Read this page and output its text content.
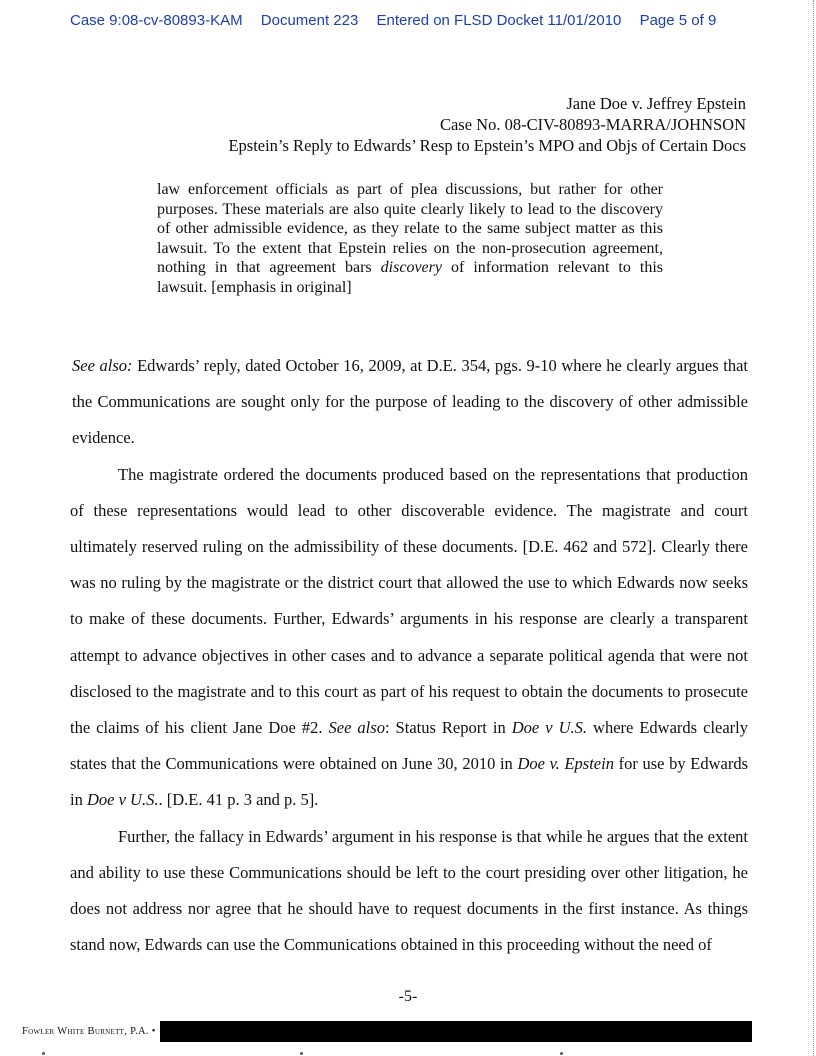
Case 9:08-cv-80893-KAM Document 223 Entered on FLSD Docket 11/01/2010 Page 5 of 9
Jane Doe v. Jeffrey Epstein
Case No. 08-CIV-80893-MARRA/JOHNSON
Epstein’s Reply to Edwards’ Resp to Epstein’s MPO and Objs of Certain Docs
law enforcement officials as part of plea discussions, but rather for other purposes. These materials are also quite clearly likely to lead to the discovery of other admissible evidence, as they relate to the same subject matter as this lawsuit. To the extent that Epstein relies on the non-prosecution agreement, nothing in that agreement bars discovery of information relevant to this lawsuit. [emphasis in original]

See also: Edwards’ reply, dated October 16, 2009, at D.E. 354, pgs. 9-10 where he clearly argues that the Communications are sought only for the purpose of leading to the discovery of other admissible evidence.

The magistrate ordered the documents produced based on the representations that production of these representations would lead to other discoverable evidence. The magistrate and court ultimately reserved ruling on the admissibility of these documents. [D.E. 462 and 572]. Clearly there was no ruling by the magistrate or the district court that allowed the use to which Edwards now seeks to make of these documents. Further, Edwards’ arguments in his response are clearly a transparent attempt to advance objectives in other cases and to advance a separate political agenda that were not disclosed to the magistrate and to this court as part of his request to obtain the documents to prosecute the claims of his client Jane Doe #2. See also: Status Report in Doe v U.S. where Edwards clearly states that the Communications were obtained on June 30, 2010 in Doe v. Epstein for use by Edwards in Doe v U.S.. [D.E. 41 p. 3 and p. 5].

Further, the fallacy in Edwards’ argument in his response is that while he argues that the extent and ability to use these Communications should be left to the court presiding over other litigation, he does not address nor agree that he should have to request documents in the first instance. As things stand now, Edwards can use the Communications obtained in this proceeding without the need of

-5-
Fowler White Burnett, P.A. •
